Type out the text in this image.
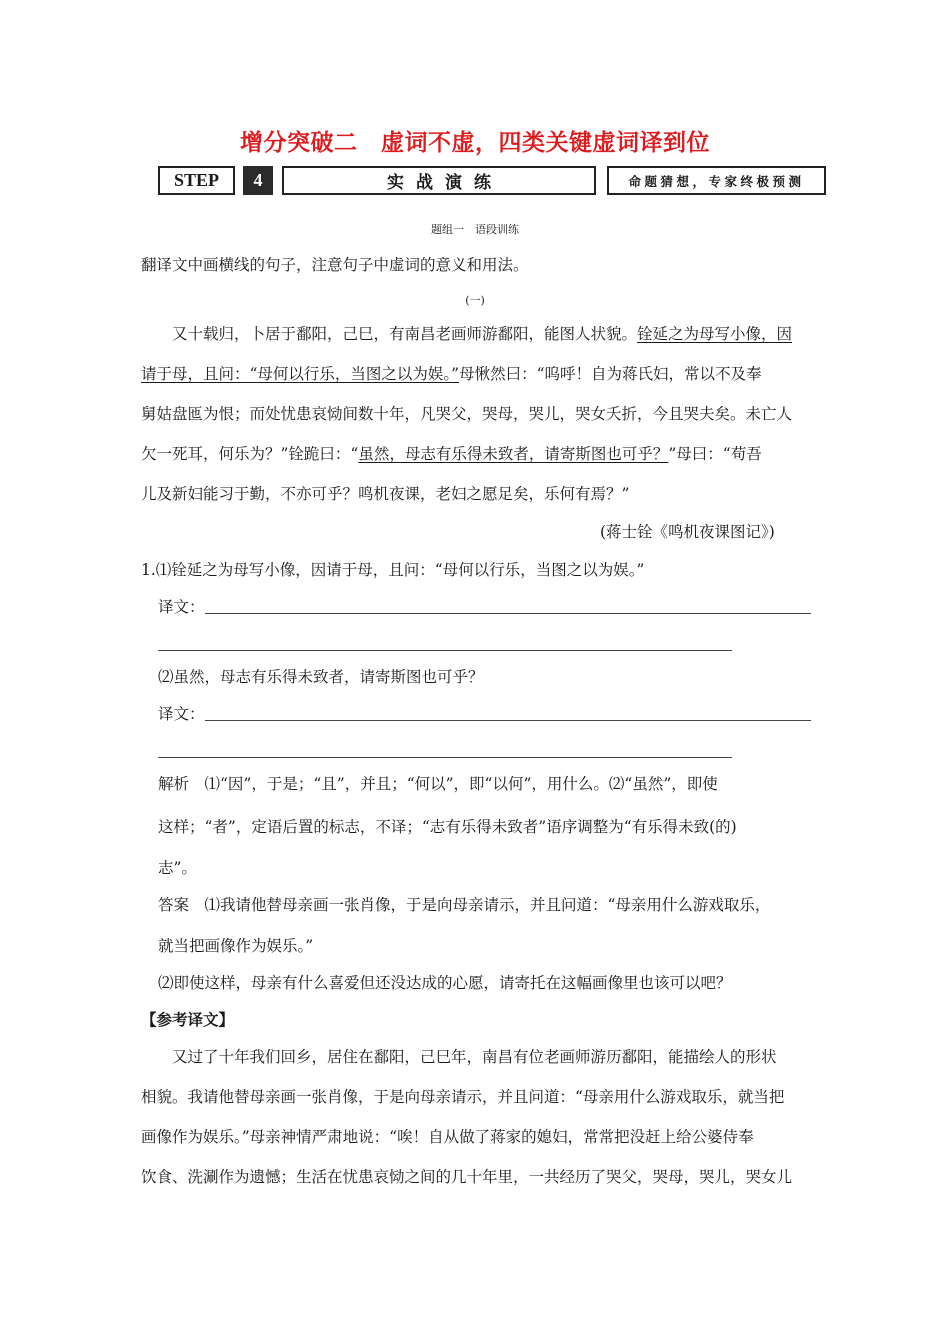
增分突破二　虚词不虚，四类关键虚词译到位
STEP	4	实战演练	命题猜想，专家终极预测
题组一　语段训练
翻译文中画横线的句子，注意句子中虚词的意义和用法。
(一)
又十载归，卜居于鄱阳，己巳，有南昌老画师游鄱阳，能图人状貌。铨延之为母写小像，因
请于母，且问：“母何以行乐，当图之以为娱。”母愀然曰：“呜呼！自为蒋氏妇，常以不及奉
舅姑盘匜为恨；而处忧患哀恸间数十年，凡哭父，哭母，哭儿，哭女夭折，今且哭夫矣。未亡人
欠一死耳，何乐为？”铨跪曰：“虽然，母志有乐得未致者，请寄斯图也可乎？”母曰：“苟吾
儿及新妇能习于勤，不亦可乎？鸣机夜课，老妇之愿足矣，乐何有焉？”
(蒋士铨《鸣机夜课图记》)
1.⑴铨延之为母写小像，因请于母，且问：“母何以行乐，当图之以为娱。”
译文：
⑵虽然，母志有乐得未致者，请寄斯图也可乎？
译文：
解析　⑴“因”，于是；“且”，并且；“何以”，即“以何”，用什么。⑵“虽然”，即使
这样；“者”，定语后置的标志，不译；“志有乐得未致者”语序调整为“有乐得未致(的)
志”。
答案　⑴我请他替母亲画一张肖像，于是向母亲请示，并且问道：“母亲用什么游戏取乐，
就当把画像作为娱乐。”
⑵即使这样，母亲有什么喜爱但还没达成的心愿，请寄托在这幅画像里也该可以吧？
【参考译文】
又过了十年我们回乡，居住在鄱阳，己巳年，南昌有位老画师游历鄱阳，能描绘人的形状
相貌。我请他替母亲画一张肖像，于是向母亲请示，并且问道：“母亲用什么游戏取乐，就当把
画像作为娱乐。”母亲神情严肃地说：“唉！自从做了蒋家的媳妇，常常把没赶上给公婆侍奉
饮食、洗涮作为遗憾；生活在忧患哀恸之间的几十年里，一共经历了哭父，哭母，哭儿，哭女儿
